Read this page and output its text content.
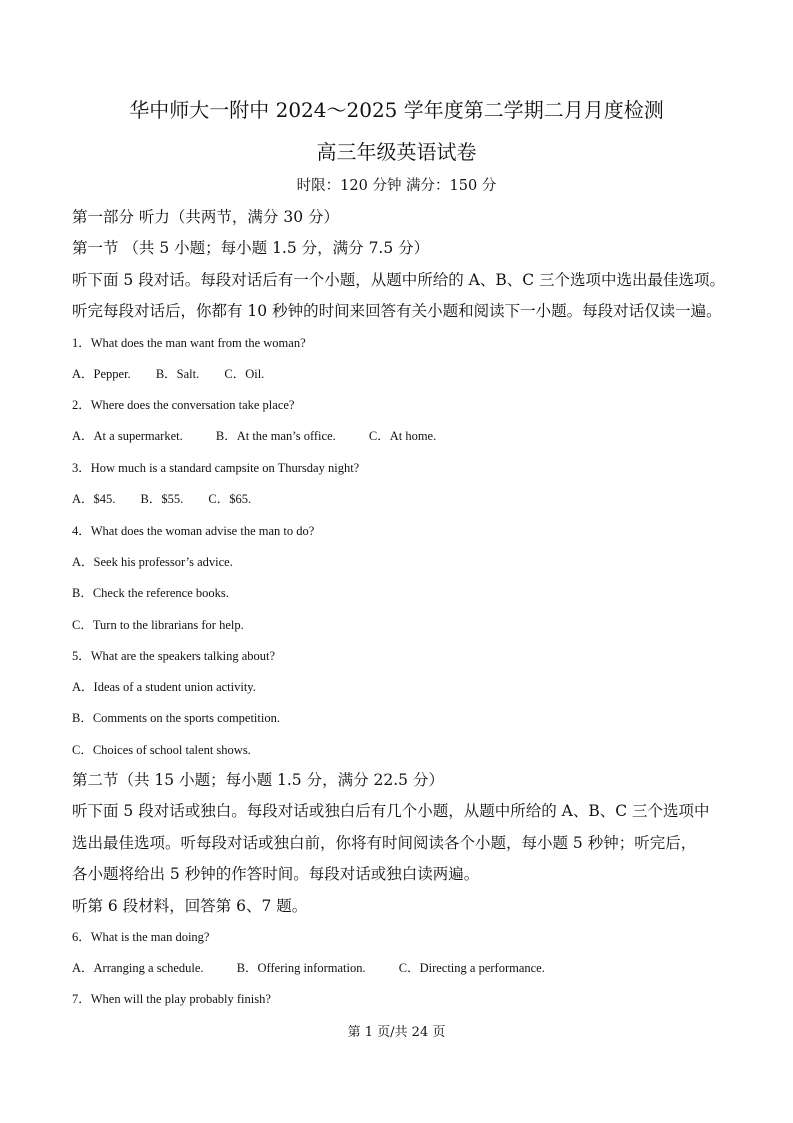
华中师大一附中 2024～2025 学年度第二学期二月月度检测
高三年级英语试卷
时限：120 分钟 满分：150 分
第一部分 听力（共两节，满分 30 分）
第一节 （共 5 小题；每小题 1.5 分，满分 7.5 分）
听下面 5 段对话。每段对话后有一个小题，从题中所给的 A、B、C 三个选项中选出最佳选项。
听完每段对话后，你都有 10 秒钟的时间来回答有关小题和阅读下一小题。每段对话仅读一遍。
1．What does the man want from the woman?
A．Pepper. B．Salt. C．Oil.
2．Where does the conversation take place?
A．At a supermarket.	B．At the man’s office.	C．At home.
3．How much is a standard campsite on Thursday night?
A．$45. B．$55. C．$65.
4．What does the woman advise the man to do?
A．Seek his professor’s advice.
B．Check the reference books.
C．Turn to the librarians for help.
5．What are the speakers talking about?
A．Ideas of a student union activity.
B．Comments on the sports competition.
C．Choices of school talent shows.
第二节（共 15 小题；每小题 1.5 分，满分 22.5 分）
听下面 5 段对话或独白。每段对话或独白后有几个小题，从题中所给的 A、B、C 三个选项中
选出最佳选项。听每段对话或独白前，你将有时间阅读各个小题，每小题 5 秒钟；听完后，
各小题将给出 5 秒钟的作答时间。每段对话或独白读两遍。
听第 6 段材料，回答第 6、7 题。
6．What is the man doing?
A．Arranging a schedule.	B．Offering information.	C．Directing a performance.
7．When will the play probably finish?
第 1 页/共 24 页
